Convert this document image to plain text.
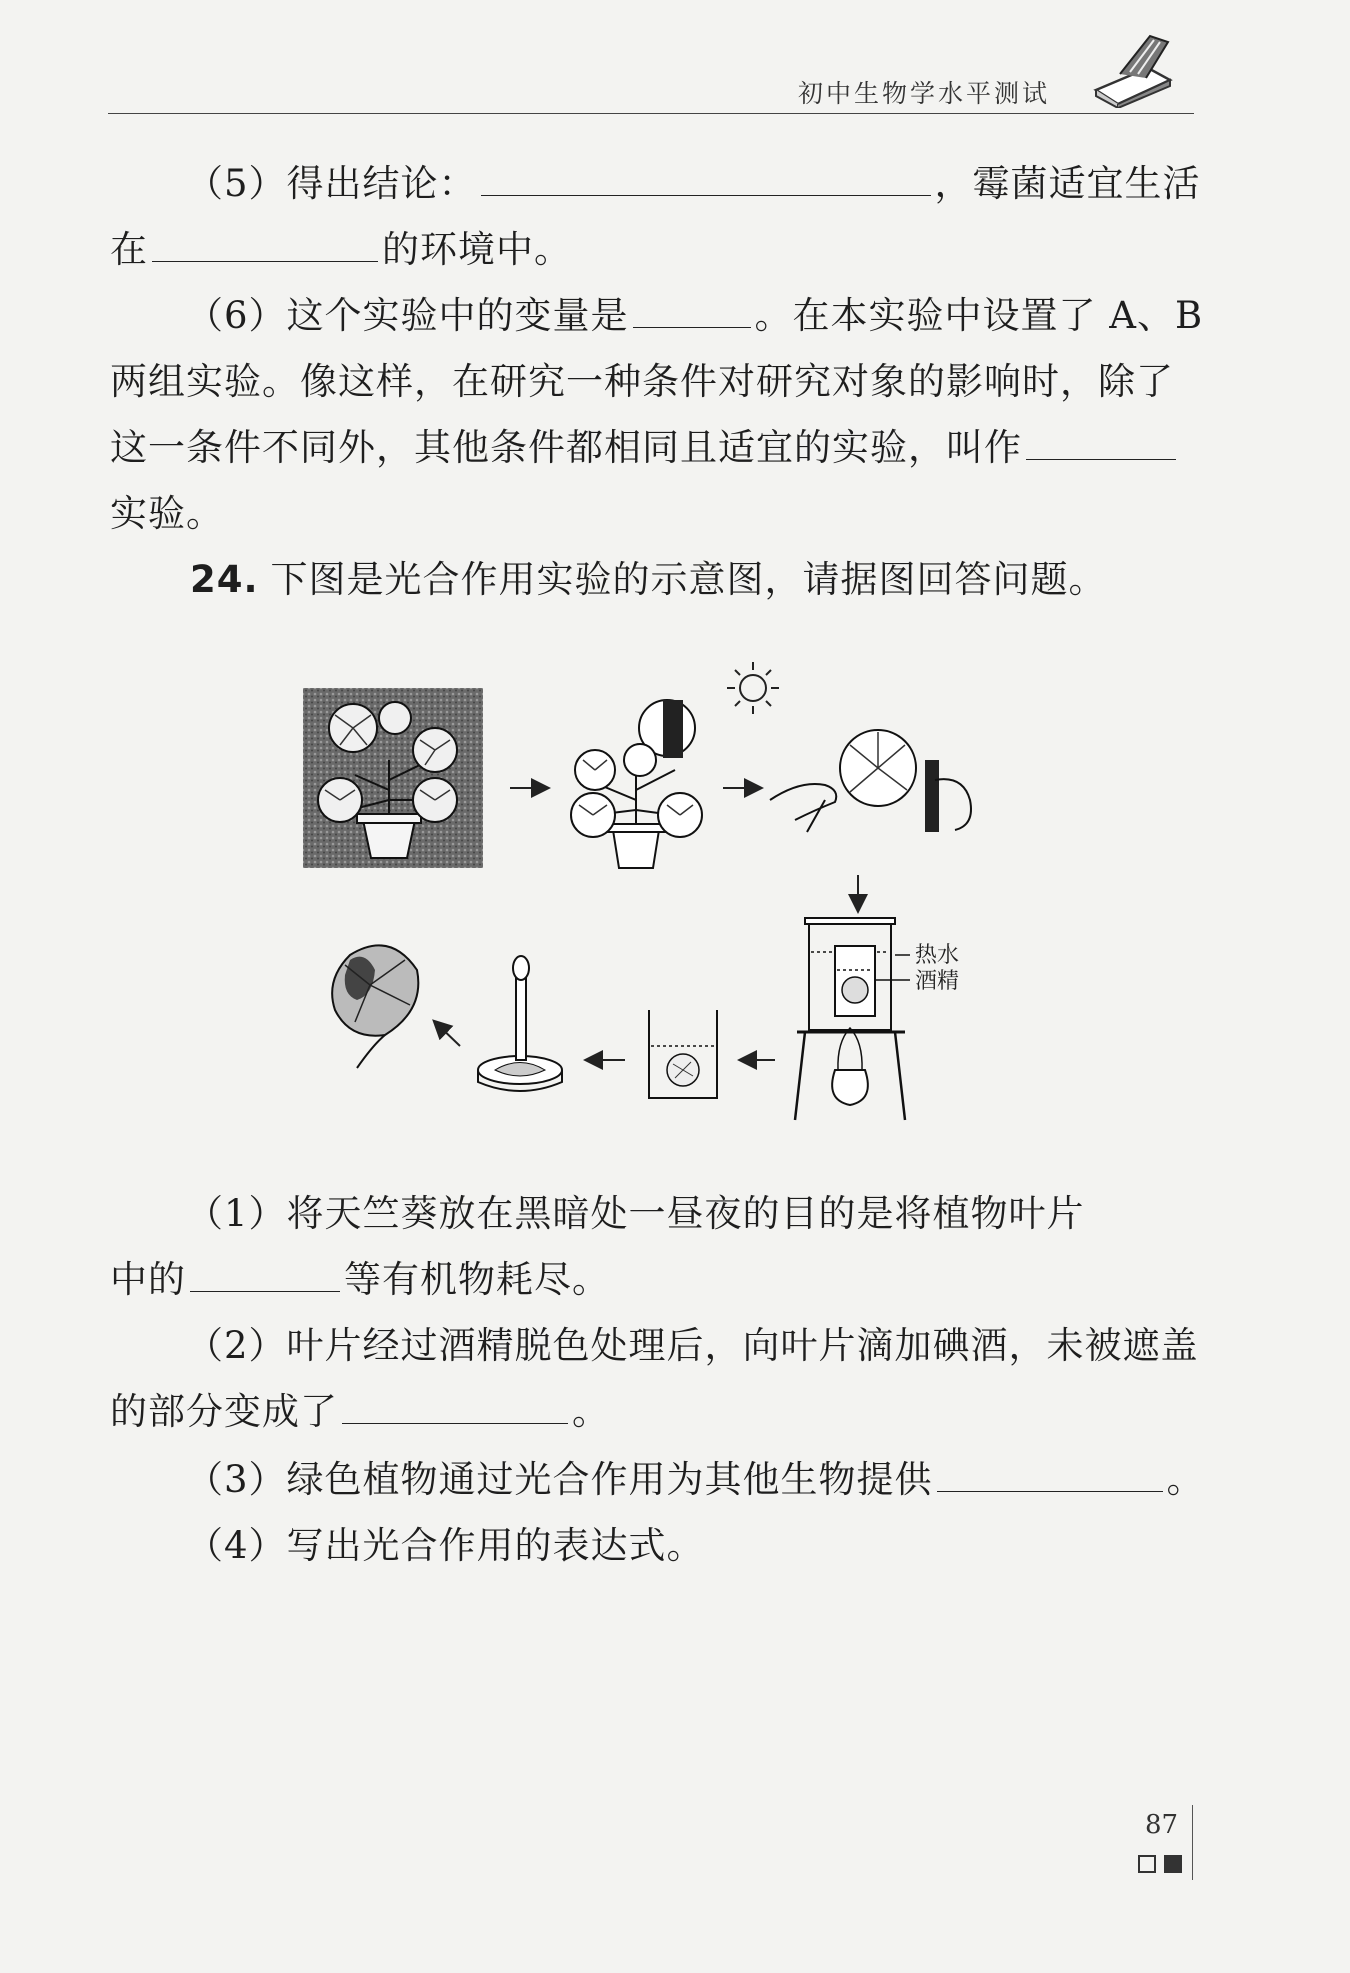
初中生物学水平测试
（5）得出结论：	，霉菌适宜生活
在	的环境中。
（6）这个实验中的变量是	。在本实验中设置了 A、B
两组实验。像这样，在研究一种条件对研究对象的影响时，除了
这一条件不同外，其他条件都相同且适宜的实验，叫作
实验。
24. 下图是光合作用实验的示意图，请据图回答问题。
热水
酒精
（1）将天竺葵放在黑暗处一昼夜的目的是将植物叶片
中的	等有机物耗尽。
（2）叶片经过酒精脱色处理后，向叶片滴加碘酒，未被遮盖
的部分变成了	。
（3）绿色植物通过光合作用为其他生物提供	。
（4）写出光合作用的表达式。
87
